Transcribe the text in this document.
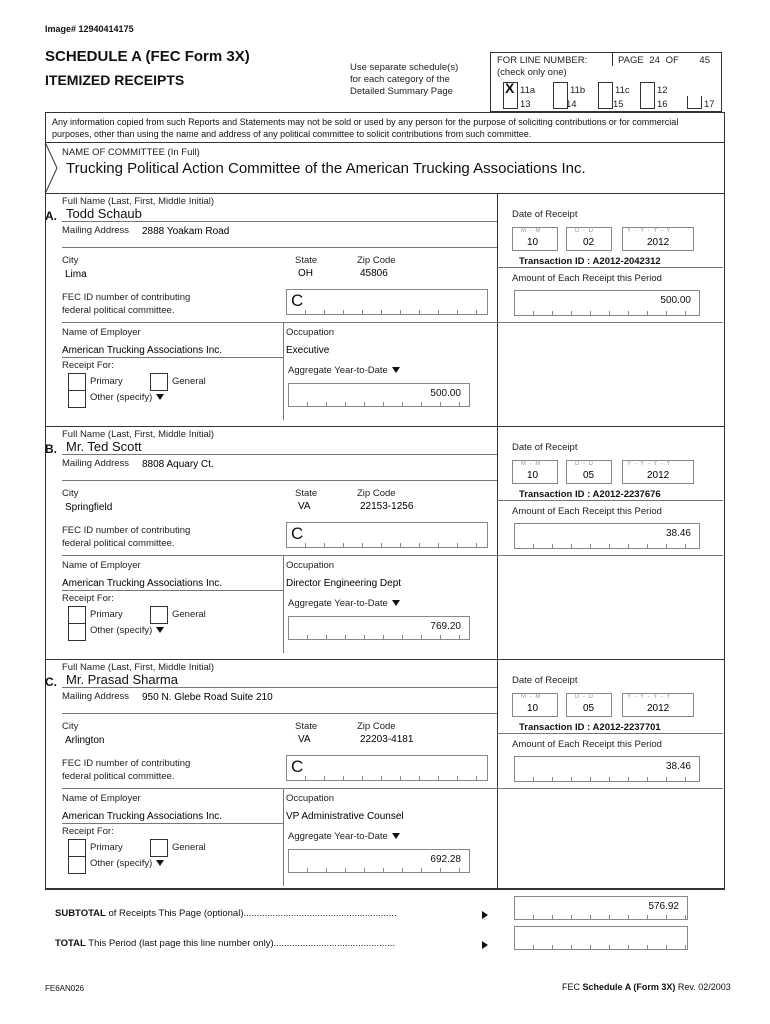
Image# 12940414175
SCHEDULE A (FEC Form 3X)
ITEMIZED RECEIPTS
Use separate schedule(s)
for each category of the
Detailed Summary Page
FOR LINE NUMBER:
(check only one)
PAGE 24 OF 45
X 11a	11b	11c	12
13	14	15	16	17
Any information copied from such Reports and Statements may not be sold or used by any person for the purpose of soliciting contributions or for commercial purposes, other than using the name and address of any political committee to solicit contributions from such committee.
NAME OF COMMITTEE (In Full)
Trucking Political Action Committee of the American Trucking Associations Inc.
Full Name (Last, First, Middle Initial)
A. Todd Schaub
Mailing Address 2888 Yoakam Road
City
Lima
State
OH
Zip Code
45806
FEC ID number of contributing
federal political committee.
C
Name of Employer
American Trucking Associations Inc.
Occupation
Executive
Receipt For:
Primary	General
Other (specify)
Aggregate Year-to-Date
500.00
Date of Receipt
M - M
10
D - D
02
Y - Y - Y - Y
2012
Transaction ID : A2012-2042312
Amount of Each Receipt this Period
500.00
Full Name (Last, First, Middle Initial)
B. Mr. Ted Scott
Mailing Address 8808 Aquary Ct.
City
Springfield
State
VA
Zip Code
22153-1256
FEC ID number of contributing
federal political committee.
C
Name of Employer
American Trucking Associations Inc.
Occupation
Director Engineering Dept
Receipt For:
Primary	General
Other (specify)
Aggregate Year-to-Date
769.20
Date of Receipt
M - M
10
D - D
05
Y - Y - Y - Y
2012
Transaction ID : A2012-2237676
Amount of Each Receipt this Period
38.46
Full Name (Last, First, Middle Initial)
C. Mr. Prasad Sharma
Mailing Address 950 N. Glebe Road Suite 210
City
Arlington
State
VA
Zip Code
22203-4181
FEC ID number of contributing
federal political committee.
C
Name of Employer
American Trucking Associations Inc.
Occupation
VP Administrative Counsel
Receipt For:
Primary	General
Other (specify)
Aggregate Year-to-Date
692.28
Date of Receipt
M - M
10
D - D
05
Y - Y - Y - Y
2012
Transaction ID : A2012-2237701
Amount of Each Receipt this Period
38.46
SUBTOTAL of Receipts This Page (optional)..........................................................
576.92
TOTAL This Period (last page this line number only)..............................................
FE6AN026	FEC Schedule A (Form 3X) Rev. 02/2003
